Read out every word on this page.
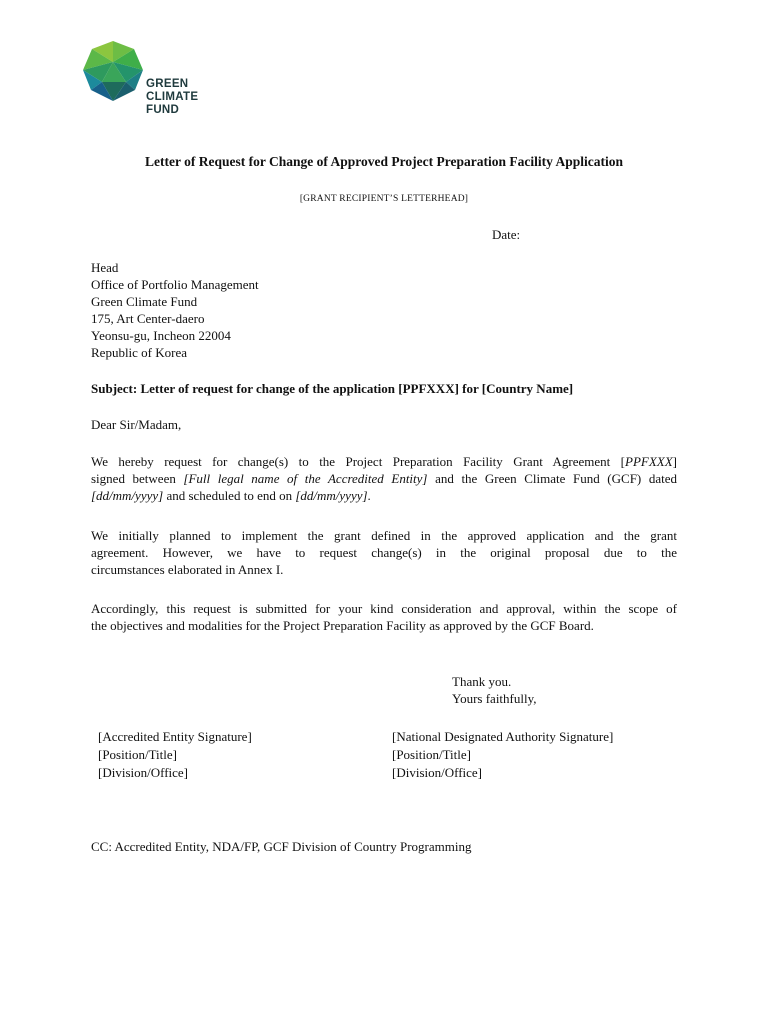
GREEN
CLIMATE
FUND
Letter of Request for Change of Approved Project Preparation Facility Application
[GRANT RECIPIENT’S LETTERHEAD]
Date:
Head
Office of Portfolio Management
Green Climate Fund
175, Art Center-daero
Yeonsu-gu, Incheon 22004
Republic of Korea
Subject: Letter of request for change of the application [PPFXXX] for [Country Name]
Dear Sir/Madam,
We hereby request for change(s) to the Project Preparation Facility Grant Agreement [PPFXXX]
signed between [Full legal name of the Accredited Entity] and the Green Climate Fund (GCF) dated
[dd/mm/yyyy] and scheduled to end on [dd/mm/yyyy].
We initially planned to implement the grant defined in the approved application and the grant
agreement. However, we have to request change(s) in the original proposal due to the
circumstances elaborated in Annex I.
Accordingly, this request is submitted for your kind consideration and approval, within the scope of
the objectives and modalities for the Project Preparation Facility as approved by the GCF Board.
Thank you.
Yours faithfully,
[Accredited Entity Signature]
[Position/Title]
[Division/Office]
[National Designated Authority Signature]
[Position/Title]
[Division/Office]
CC: Accredited Entity, NDA/FP, GCF Division of Country Programming
